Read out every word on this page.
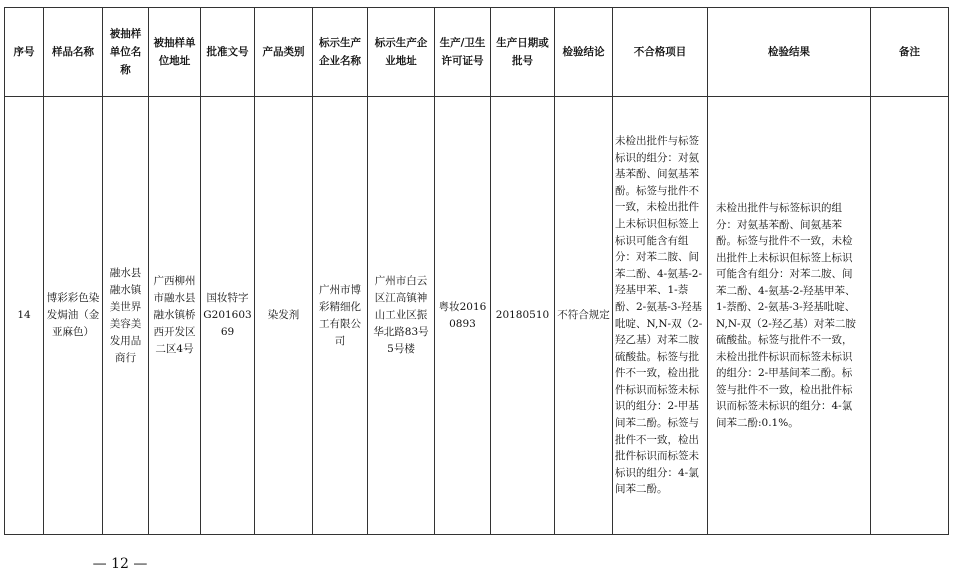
序号	样品名称	被抽样单位名称	被抽样单位地址	批准文号	产品类别	标示生产企业名称	标示生产企业地址	生产/卫生许可证号	生产日期或批号	检验结论	不合格项目	检验结果	备注
14	博彩彩色染发焗油（金亚麻色）	融水县融水镇美世界美容美发用品商行	广西柳州市融水县融水镇桥西开发区二区4号	国妆特字G20160369	染发剂	广州市博彩精细化工有限公司	广州市白云区江高镇神山工业区振华北路83号5号楼	粤妆20160893	20180510	不符合规定	未检出批件与标签标识的组分：对氨基苯酚、间氨基苯酚。标签与批件不一致，未检出批件上未标识但标签上标识可能含有组分：对苯二胺、间苯二酚、4-氨基-2-羟基甲苯、1-萘酚、2-氨基-3-羟基吡啶、N,N-双（2-羟乙基）对苯二胺硫酸盐。标签与批件不一致，检出批件标识而标签未标识的组分：2-甲基间苯二酚。标签与批件不一致，检出批件标识而标签未标识的组分：4-氯间苯二酚。	未检出批件与标签标识的组分：对氨基苯酚、间氨基苯酚。标签与批件不一致，未检出批件上未标识但标签上标识可能含有组分：对苯二胺、间苯二酚、4-氨基-2-羟基甲苯、1-萘酚、2-氨基-3-羟基吡啶、N,N-双（2-羟乙基）对苯二胺硫酸盐。标签与批件不一致，未检出批件标识而标签未标识的组分：2-甲基间苯二酚。标签与批件不一致，检出批件标识而标签未标识的组分：4-氯间苯二酚:0.1%。	
— 12 —
